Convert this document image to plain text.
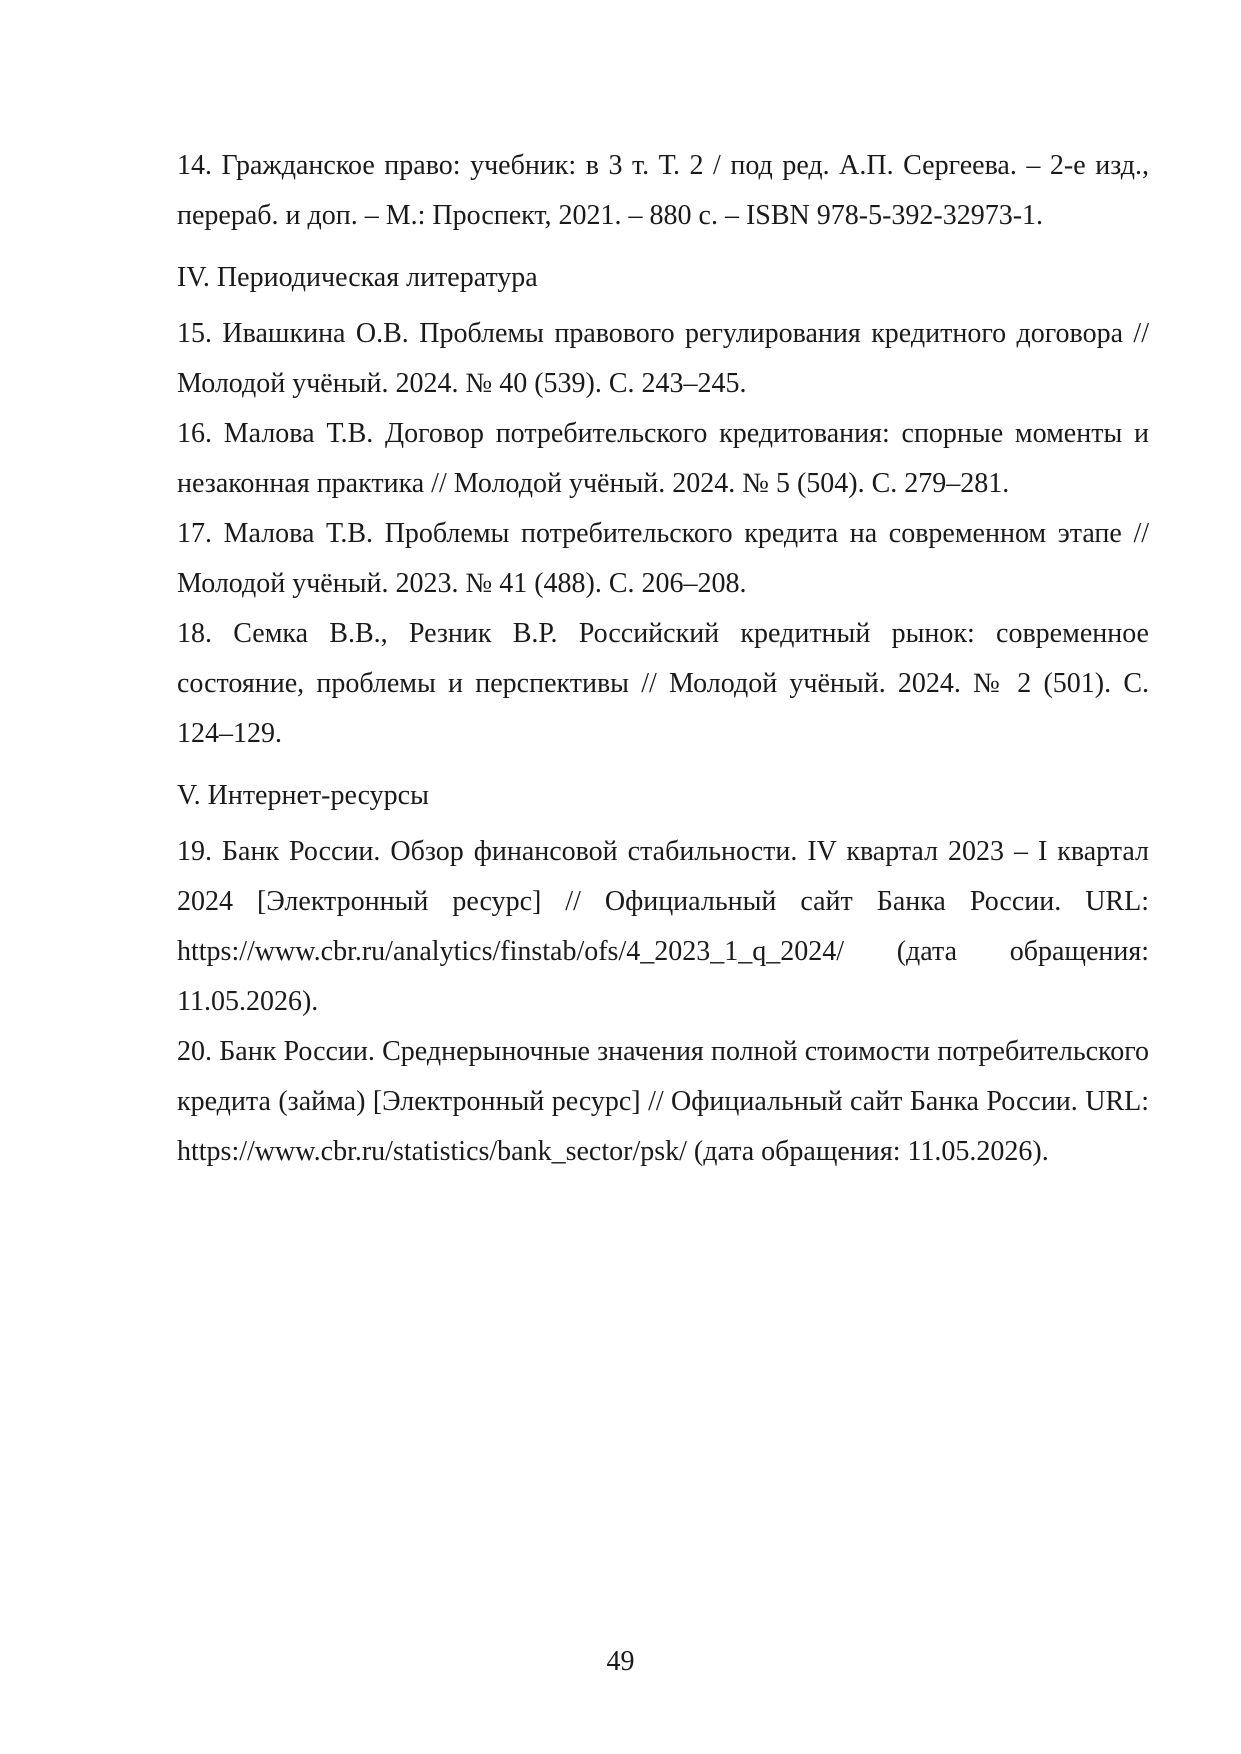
14. Гражданское право: учебник: в 3 т. Т. 2 / под ред. А.П. Сергеева. – 2-е изд., перераб. и доп. – М.: Проспект, 2021. – 880 с. – ISBN 978-5-392-32973-1.

IV. Периодическая литература

15. Ивашкина О.В. Проблемы правового регулирования кредитного договора // Молодой учёный. 2024. № 40 (539). С. 243–245.

16. Малова Т.В. Договор потребительского кредитования: спорные моменты и незаконная практика // Молодой учёный. 2024. № 5 (504). С. 279–281.

17. Малова Т.В. Проблемы потребительского кредита на современном этапе // Молодой учёный. 2023. № 41 (488). С. 206–208.

18. Семка В.В., Резник В.Р. Российский кредитный рынок: современное состояние, проблемы и перспективы // Молодой учёный. 2024. № 2 (501). С. 124–129.

V. Интернет-ресурсы

19. Банк России. Обзор финансовой стабильности. IV квартал 2023 – I квартал 2024 [Электронный ресурс] // Официальный сайт Банка России. URL: https://www.cbr.ru/analytics/finstab/ofs/4_2023_1_q_2024/ (дата обращения: 11.05.2026).

20. Банк России. Среднерыночные значения полной стоимости потребительского кредита (займа) [Электронный ресурс] // Официальный сайт Банка России. URL: https://www.cbr.ru/statistics/bank_sector/psk/ (дата обращения: 11.05.2026).

49
